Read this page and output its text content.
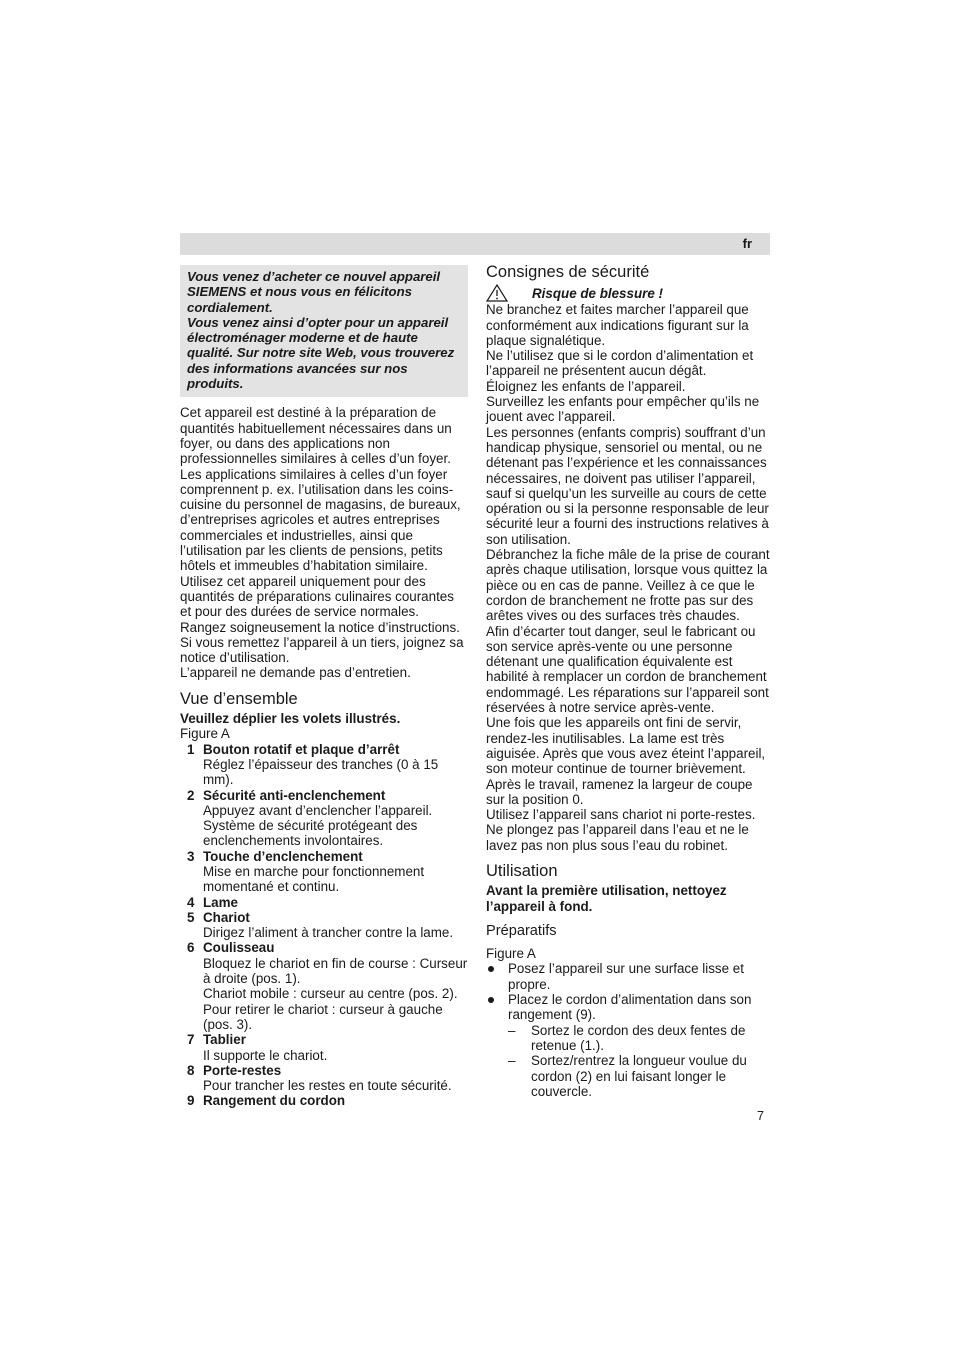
fr

Vous venez d’acheter ce nouvel appareil SIEMENS et nous vous en félicitons cordialement.

Vous venez ainsi d’opter pour un appareil électroménager moderne et de haute qualité. Sur notre site Web, vous trouverez des informations avancées sur nos produits.

Cet appareil est destiné à la préparation de quantités habituellement nécessaires dans un foyer, ou dans des applications non professionnelles similaires à celles d’un foyer. Les applications similaires à celles d’un foyer comprennent p. ex. l’utilisation dans les coins-cuisine du personnel de magasins, de bureaux, d’entreprises agricoles et autres entreprises commerciales et industrielles, ainsi que l’utilisation par les clients de pensions, petits hôtels et immeubles d’habitation similaire.

Utilisez cet appareil uniquement pour des quantités de préparations culinaires courantes et pour des durées de service normales.

Rangez soigneusement la notice d’instructions. Si vous remettez l’appareil à un tiers, joignez sa notice d’utilisation.

L’appareil ne demande pas d’entretien.

Vue d’ensemble
Veuillez déplier les volets illustrés.
Figure A
1 Bouton rotatif et plaque d’arrêt

Réglez l’épaisseur des tranches (0 à 15 mm).

2 Sécurité anti-enclenchement

Appuyez avant d’enclencher l’appareil. Système de sécurité protégeant des enclenchements involontaires.

3 Touche d’enclenchement

Mise en marche pour fonctionnement momentané et continu.

4 Lame
5 Chariot

Dirigez l’aliment à trancher contre la lame.

6 Coulisseau

Bloquez le chariot en fin de course : Curseur à droite (pos. 1).

Chariot mobile : curseur au centre (pos. 2).

Pour retirer le chariot : curseur à gauche (pos. 3).

7 Tablier

Il supporte le chariot.

8 Porte-restes

Pour trancher les restes en toute sécurité.

9 Rangement du cordon
Consignes de sécurité
Risque de blessure !

Ne branchez et faites marcher l’appareil que conformément aux indications figurant sur la plaque signalétique.

Ne l’utilisez que si le cordon d’alimentation et l’appareil ne présentent aucun dégât.

Éloignez les enfants de l’appareil.

Surveillez les enfants pour empêcher qu’ils ne jouent avec l’appareil.

Les personnes (enfants compris) souffrant d’un handicap physique, sensoriel ou mental, ou ne détenant pas l’expérience et les connaissances nécessaires, ne doivent pas utiliser l’appareil, sauf si quelqu’un les surveille au cours de cette opération ou si la personne responsable de leur sécurité leur a fourni des instructions relatives à son utilisation.

Débranchez la fiche mâle de la prise de courant après chaque utilisation, lorsque vous quittez la pièce ou en cas de panne. Veillez à ce que le cordon de branchement ne frotte pas sur des arêtes vives ou des surfaces très chaudes.

Afin d’écarter tout danger, seul le fabricant ou son service après-vente ou une personne détenant une qualification équivalente est habilité à remplacer un cordon de branchement endommagé. Les réparations sur l’appareil sont réservées à notre service après-vente.

Une fois que les appareils ont fini de servir, rendez-les inutilisables. La lame est très aiguisée. Après que vous avez éteint l’appareil, son moteur continue de tourner brièvement.

Après le travail, ramenez la largeur de coupe sur la position 0.

Utilisez l’appareil sans chariot ni porte-restes.

Ne plongez pas l’appareil dans l’eau et ne le lavez pas non plus sous l’eau du robinet.

Utilisation
Avant la première utilisation, nettoyez l’appareil à fond.
Préparatifs
Figure A
Posez l’appareil sur une surface lisse et propre.
Placez le cordon d’alimentation dans son rangement (9).
– Sortez le cordon des deux fentes de retenue (1.).
– Sortez/rentrez la longueur voulue du cordon (2) en lui faisant longer le couvercle.
7
